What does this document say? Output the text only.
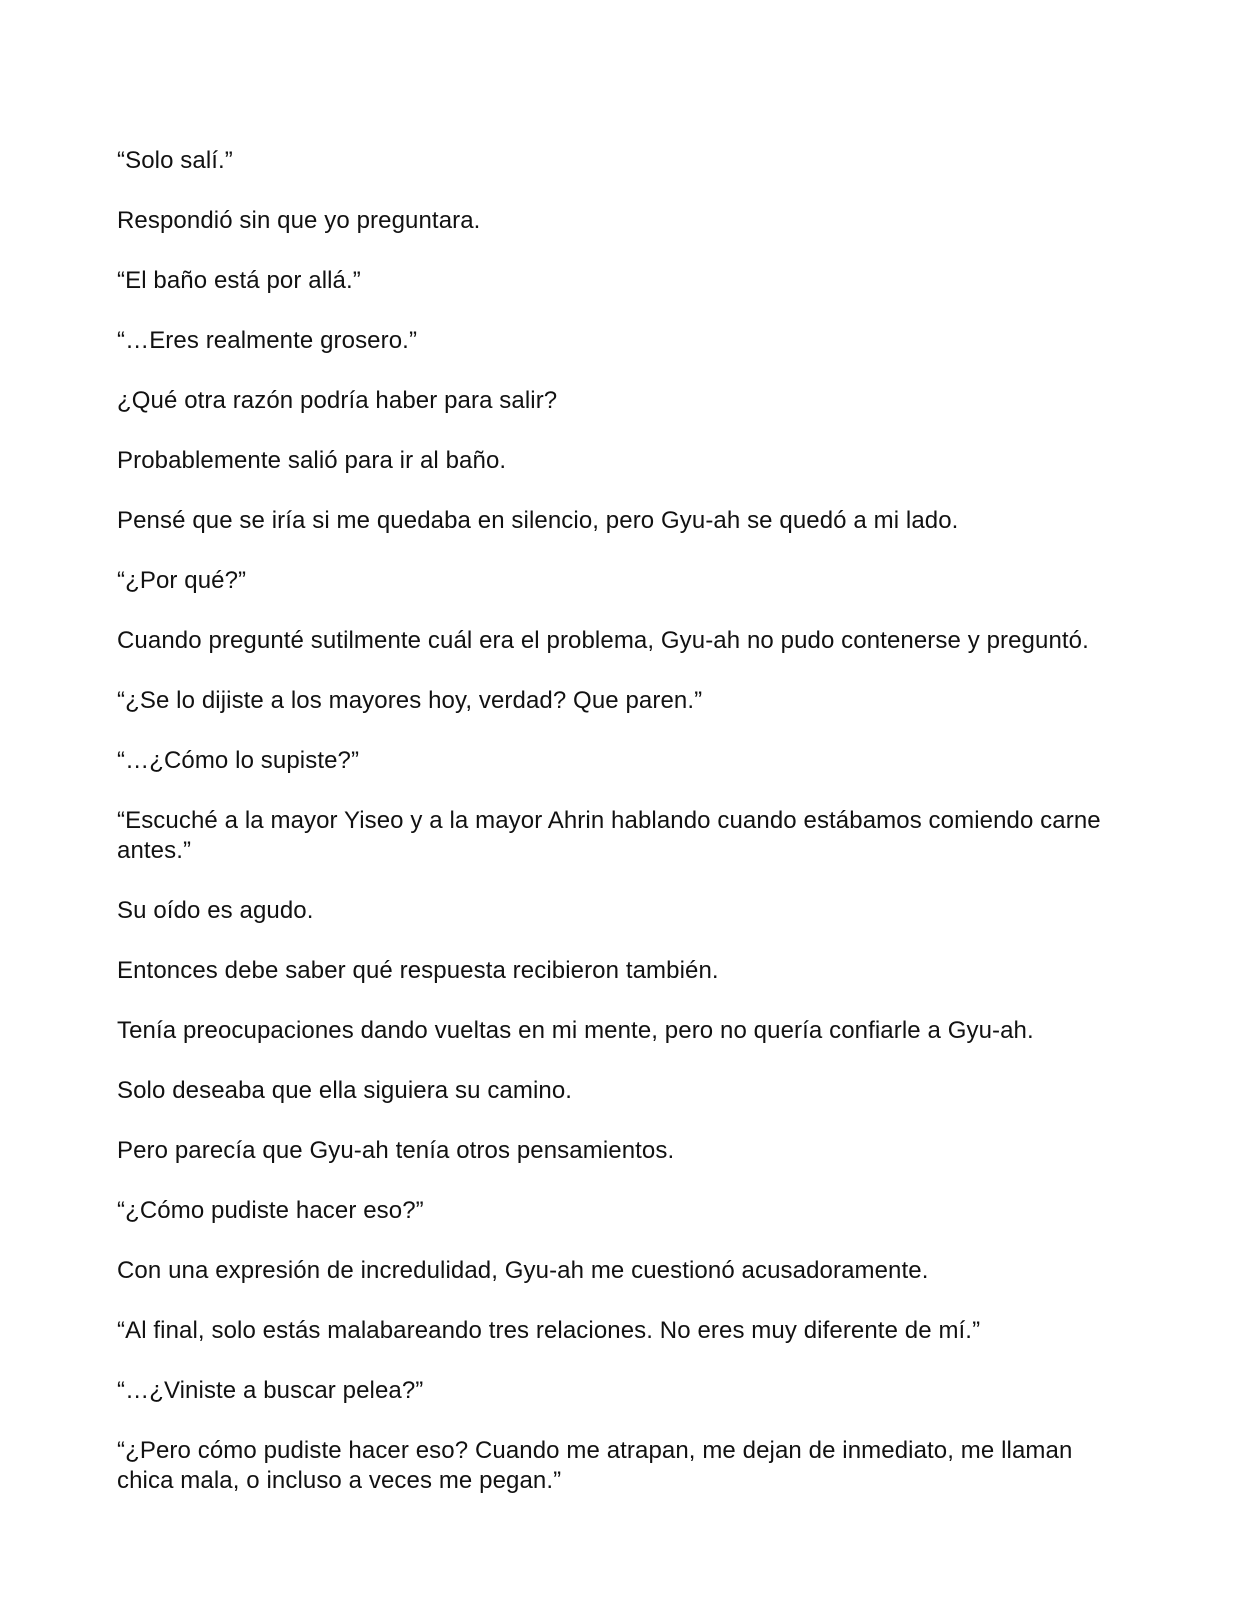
“Solo salí.”

Respondió sin que yo preguntara.

“El baño está por allá.”

“…Eres realmente grosero.”

¿Qué otra razón podría haber para salir?

Probablemente salió para ir al baño.

Pensé que se iría si me quedaba en silencio, pero Gyu-ah se quedó a mi lado.

“¿Por qué?”

Cuando pregunté sutilmente cuál era el problema, Gyu-ah no pudo contenerse y preguntó.

“¿Se lo dijiste a los mayores hoy, verdad? Que paren.”

“…¿Cómo lo supiste?”

“Escuché a la mayor Yiseo y a la mayor Ahrin hablando cuando estábamos comiendo carne antes.”

Su oído es agudo.

Entonces debe saber qué respuesta recibieron también.

Tenía preocupaciones dando vueltas en mi mente, pero no quería confiarle a Gyu-ah.

Solo deseaba que ella siguiera su camino.

Pero parecía que Gyu-ah tenía otros pensamientos.

“¿Cómo pudiste hacer eso?”

Con una expresión de incredulidad, Gyu-ah me cuestionó acusadoramente.

“Al final, solo estás malabareando tres relaciones. No eres muy diferente de mí.”

“…¿Viniste a buscar pelea?”

“¿Pero cómo pudiste hacer eso? Cuando me atrapan, me dejan de inmediato, me llaman chica mala, o incluso a veces me pegan.”
